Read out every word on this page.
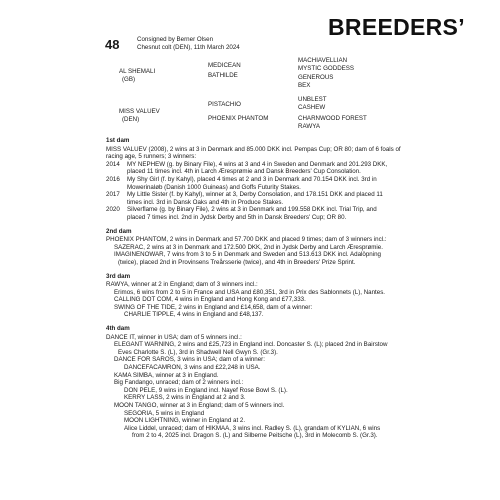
BREEDERS’
48	Consigned by Berner Olsen
Chesnut colt (DEN), 11th March 2024
AL SHEMALI
(GB)
MEDICEAN
BATHILDE
MACHIAVELLIAN
MYSTIC GODDESS
GENEROUS
BEX
MISS VALUEV
(DEN)
PISTACHIO
PHOENIX PHANTOM
UNBLEST
CASHEW
CHARNWOOD FOREST
RAWYA
1st dam
MISS VALUEV (2008), 2 wins at 3 in Denmark and 85.000 DKK incl. Pempas Cup; OR 80; dam of 6 foals of racing age, 5 runners; 3 winners:
2014	MY NEPHEW (g. by Binary File), 4 wins at 3 and 4 in Sweden and Denmark and 201.293 DKK,
placed 11 times incl. 4th in Larch Æresprømie and Dansk Breeders' Cup Consolation.
2016	My Shy Girl (f. by Kahyl), placed 4 times at 2 and 3 in Denmark and 70.154 DKK incl. 3rd in
Mowerinaløb (Danish 1000 Guineas) and Goffs Futurity Stakes.
2017	My Little Sister (f. by Kahyl), winner at 3, Derby Consolation, and 178.151 DKK and placed 11
times incl. 3rd in Dansk Oaks and 4th in Produce Stakes.
2020	Silverflame (g. by Binary File), 2 wins at 3 in Denmark and 199.558 DKK incl. Trial Trip, and
placed 7 times incl. 2nd in Jydsk Derby and 5th in Dansk Breeders' Cup; OR 80.
2nd dam
PHOENIX PHANTOM, 2 wins in Denmark and 57.700 DKK and placed 9 times; dam of 3 winners incl.:
SAZERAC, 2 wins at 3 in Denmark and 172.500 DKK, 2nd in Jydsk Derby and Larch Æresprømie.
IMAGINENOWAR, 7 wins from 3 to 5 in Denmark and Sweden and 513.613 DKK incl. Adalöpning
(twice), placed 2nd in Provinsens Treårsserie (twice), and 4th in Breeders' Prize Sprint.
3rd dam
RAWYA, winner at 2 in England; dam of 3 winners incl.:
Erimos, 6 wins from 2 to 5 in France and USA and £80,351, 3rd in Prix des Sablonnets (L), Nantes.
CALLING DOT COM, 4 wins in England and Hong Kong and £77,333.
SWING OF THE TIDE, 2 wins in England and £14,658, dam of a winner:
CHARLIE TIPPLE, 4 wins in England and £48,137.
4th dam
DANCE IT, winner in USA; dam of 5 winners incl.:
ELEGANT WARNING, 2 wins and £25,723 in England incl. Doncaster S. (L); placed 2nd in Bairstow
Eves Charlotte S. (L), 3rd in Shadwell Nell Gwyn S. (Gr.3).
DANCE FOR SAROS, 3 wins in USA; dam of a winner:
DANCEFACAMRON, 3 wins and £22,248 in USA.
KAMA SIMBA, winner at 3 in England.
Big Fandango, unraced; dam of 2 winners incl.:
DON PELE, 9 wins in England incl. Nayef Rose Bowl S. (L).
KERRY LASS, 2 wins in England at 2 and 3.
MOON TANGO, winner at 3 in England; dam of 5 winners incl.
SEGORIA, 5 wins in England
MOON LIGHTNING, winner in England at 2.
Alice Liddel, unraced; dam of HIKMAA, 3 wins incl. Radley S. (L), grandam of KYLIAN, 6 wins
from 2 to 4, 2025 incl. Dragon S. (L) and Silberne Peitsche (L), 3rd in Molecomb S. (Gr.3).
